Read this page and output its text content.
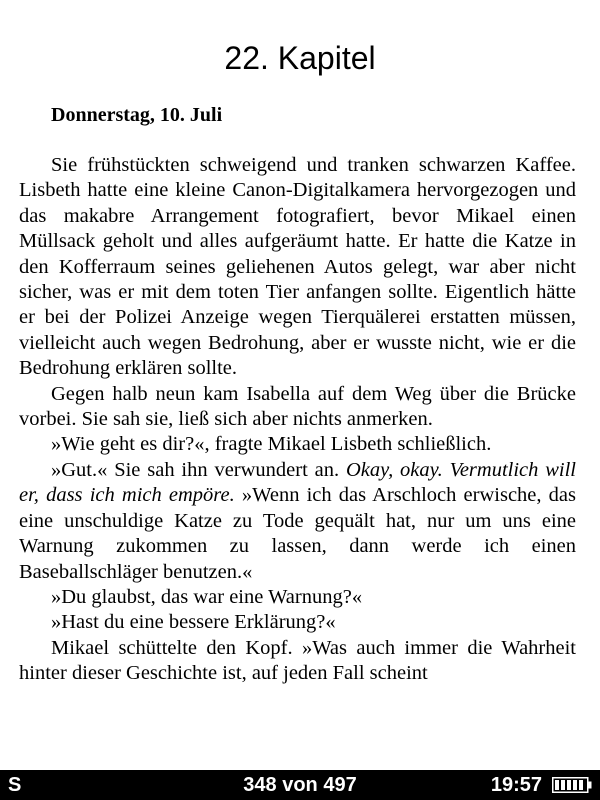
22. Kapitel
Donnerstag, 10. Juli

Sie frühstückten schweigend und tranken schwarzen Kaffee. Lisbeth hatte eine kleine Canon-Digitalkamera hervorgezogen und das makabre Arrangement fotografiert, bevor Mikael einen Müllsack geholt und alles aufgeräumt hatte. Er hatte die Katze in den Kofferraum seines geliehenen Autos gelegt, war aber nicht sicher, was er mit dem toten Tier anfangen sollte. Eigentlich hätte er bei der Polizei Anzeige wegen Tierquälerei erstatten müssen, vielleicht auch wegen Bedrohung, aber er wusste nicht, wie er die Bedrohung erklären sollte.

Gegen halb neun kam Isabella auf dem Weg über die Brücke vorbei. Sie sah sie, ließ sich aber nichts anmerken.

»Wie geht es dir?«, fragte Mikael Lisbeth schließlich.

»Gut.« Sie sah ihn verwundert an. Okay, okay. Vermutlich will er, dass ich mich empöre. »Wenn ich das Arschloch erwische, das eine unschuldige Katze zu Tode gequält hat, nur um uns eine Warnung zukommen zu lassen, dann werde ich einen Baseballschläger benutzen.«

»Du glaubst, das war eine Warnung?«

»Hast du eine bessere Erklärung?«

Mikael schüttelte den Kopf. »Was auch immer die Wahrheit hinter dieser Geschichte ist, auf jeden Fall scheint

S	348 von 497	19:57
